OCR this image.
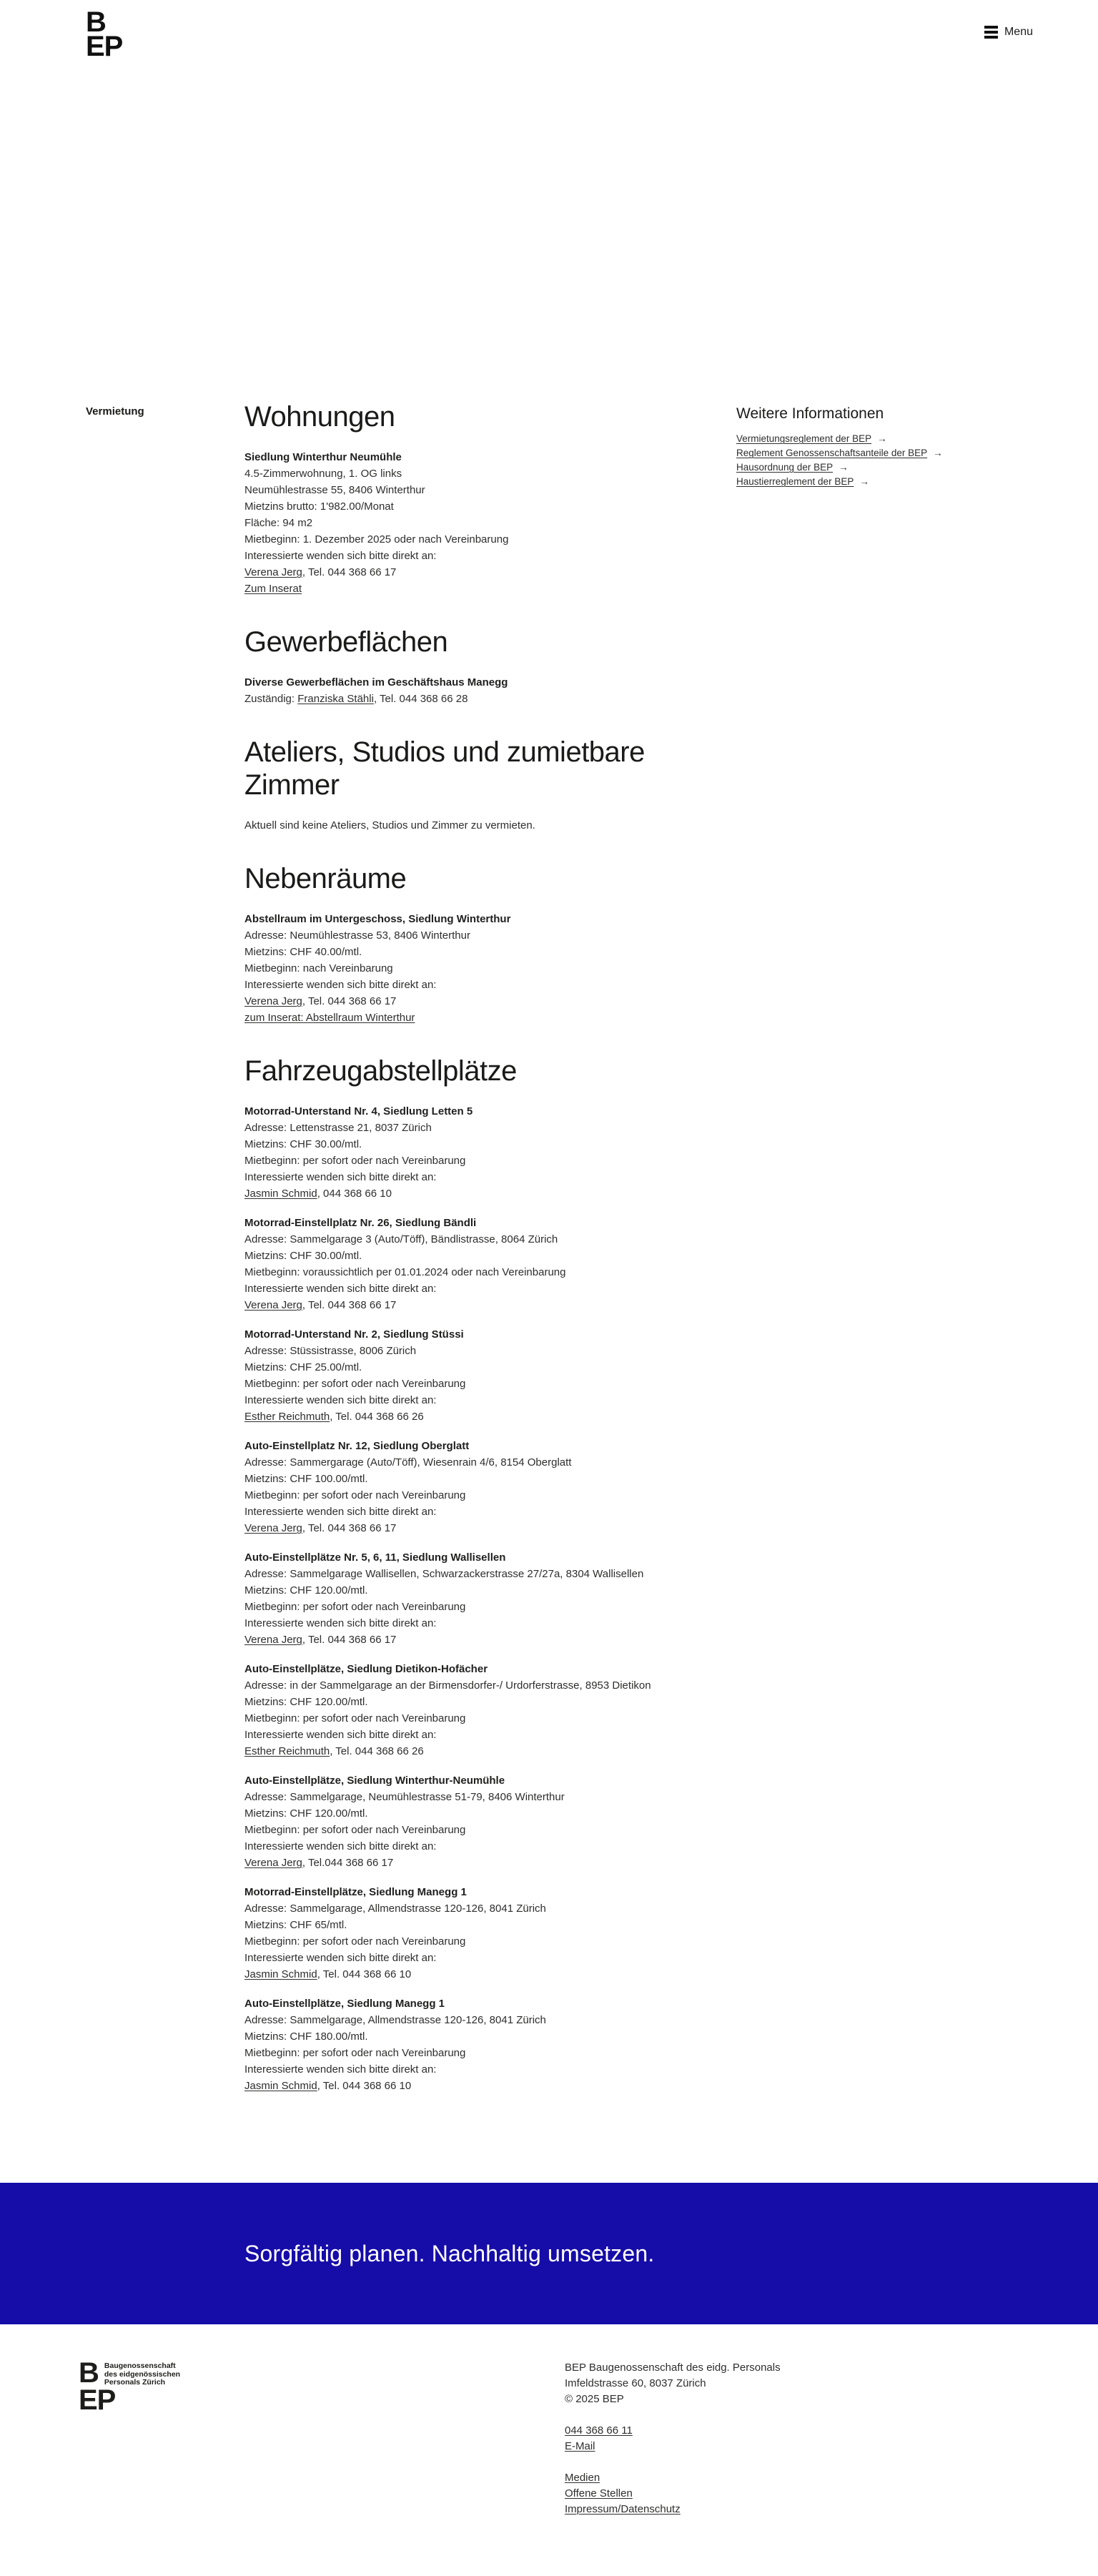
B
EP	Menu
Vermietung	Wohnungen

Siedlung Winterthur Neumühle

4.5-Zimmerwohnung, 1. OG links

Neumühlestrasse 55, 8406 Winterthur

Mietzins brutto: 1'982.00/Monat

Fläche: 94 m2

Mietbeginn: 1. Dezember 2025 oder nach Vereinbarung

Interessierte wenden sich bitte direkt an:

Verena Jerg, Tel. 044 368 66 17

Zum Inserat

Gewerbeflächen

Diverse Gewerbeflächen im Geschäftshaus Manegg

Zuständig: Franziska Stähli, Tel. 044 368 66 28

Ateliers, Studios und zumietbare Zimmer

Aktuell sind keine Ateliers, Studios und Zimmer zu vermieten.

Nebenräume

Abstellraum im Untergeschoss, Siedlung Winterthur

Adresse: Neumühlestrasse 53, 8406 Winterthur

Mietzins: CHF 40.00/mtl.

Mietbeginn: nach Vereinbarung

Interessierte wenden sich bitte direkt an:

Verena Jerg, Tel. 044 368 66 17

zum Inserat: Abstellraum Winterthur

Fahrzeugabstellplätze

Motorrad-Unterstand Nr. 4, Siedlung Letten 5

Adresse: Lettenstrasse 21, 8037 Zürich

Mietzins: CHF 30.00/mtl.

Mietbeginn: per sofort oder nach Vereinbarung

Interessierte wenden sich bitte direkt an:

Jasmin Schmid, 044 368 66 10

Motorrad-Einstellplatz Nr. 26, Siedlung Bändli

Adresse: Sammelgarage 3 (Auto/Töff), Bändlistrasse, 8064 Zürich

Mietzins: CHF 30.00/mtl.

Mietbeginn: voraussichtlich per 01.01.2024 oder nach Vereinbarung

Interessierte wenden sich bitte direkt an:

Verena Jerg, Tel. 044 368 66 17

Motorrad-Unterstand Nr. 2, Siedlung Stüssi

Adresse: Stüssistrasse, 8006 Zürich

Mietzins: CHF 25.00/mtl.

Mietbeginn: per sofort oder nach Vereinbarung

Interessierte wenden sich bitte direkt an:

Esther Reichmuth, Tel. 044 368 66 26

Auto-Einstellplatz Nr. 12, Siedlung Oberglatt

Adresse: Sammergarage (Auto/Töff), Wiesenrain 4/6, 8154 Oberglatt

Mietzins: CHF 100.00/mtl.

Mietbeginn: per sofort oder nach Vereinbarung

Interessierte wenden sich bitte direkt an:

Verena Jerg, Tel. 044 368 66 17

Auto-Einstellplätze Nr. 5, 6, 11, Siedlung Wallisellen

Adresse: Sammelgarage Wallisellen, Schwarzackerstrasse 27/27a, 8304 Wallisellen

Mietzins: CHF 120.00/mtl.

Mietbeginn: per sofort oder nach Vereinbarung

Interessierte wenden sich bitte direkt an:

Verena Jerg, Tel. 044 368 66 17

Auto-Einstellplätze, Siedlung Dietikon-Hofächer

Adresse: in der Sammelgarage an der Birmensdorfer-/ Urdorferstrasse, 8953 Dietikon

Mietzins: CHF 120.00/mtl.

Mietbeginn: per sofort oder nach Vereinbarung

Interessierte wenden sich bitte direkt an:

Esther Reichmuth, Tel. 044 368 66 26

Auto-Einstellplätze, Siedlung Winterthur-Neumühle

Adresse: Sammelgarage, Neumühlestrasse 51-79, 8406 Winterthur

Mietzins: CHF 120.00/mtl.

Mietbeginn: per sofort oder nach Vereinbarung

Interessierte wenden sich bitte direkt an:

Verena Jerg, Tel.044 368 66 17

Motorrad-Einstellplätze, Siedlung Manegg 1

Adresse: Sammelgarage, Allmendstrasse 120-126, 8041 Zürich

Mietzins: CHF 65/mtl.

Mietbeginn: per sofort oder nach Vereinbarung

Interessierte wenden sich bitte direkt an:

Jasmin Schmid, Tel. 044 368 66 10

Auto-Einstellplätze, Siedlung Manegg 1

Adresse: Sammelgarage, Allmendstrasse 120-126, 8041 Zürich

Mietzins: CHF 180.00/mtl.

Mietbeginn: per sofort oder nach Vereinbarung

Interessierte wenden sich bitte direkt an:

Jasmin Schmid, Tel. 044 368 66 10

Weitere Informationen
Vermietungsreglement der BEP →
Reglement Genossenschaftsanteile der BEP →
Hausordnung der BEP →
Haustierreglement der BEP →
Sorgfältig planen. Nachhaltig umsetzen.
B Baugenossenschaft
des eidgenössischen
Personals Zürich
EP

BEP Baugenossenschaft des eidg. Personals

Imfeldstrasse 60, 8037 Zürich

© 2025 BEP

044 368 66 11
E-Mail
Medien
Offene Stellen
Impressum/Datenschutz
